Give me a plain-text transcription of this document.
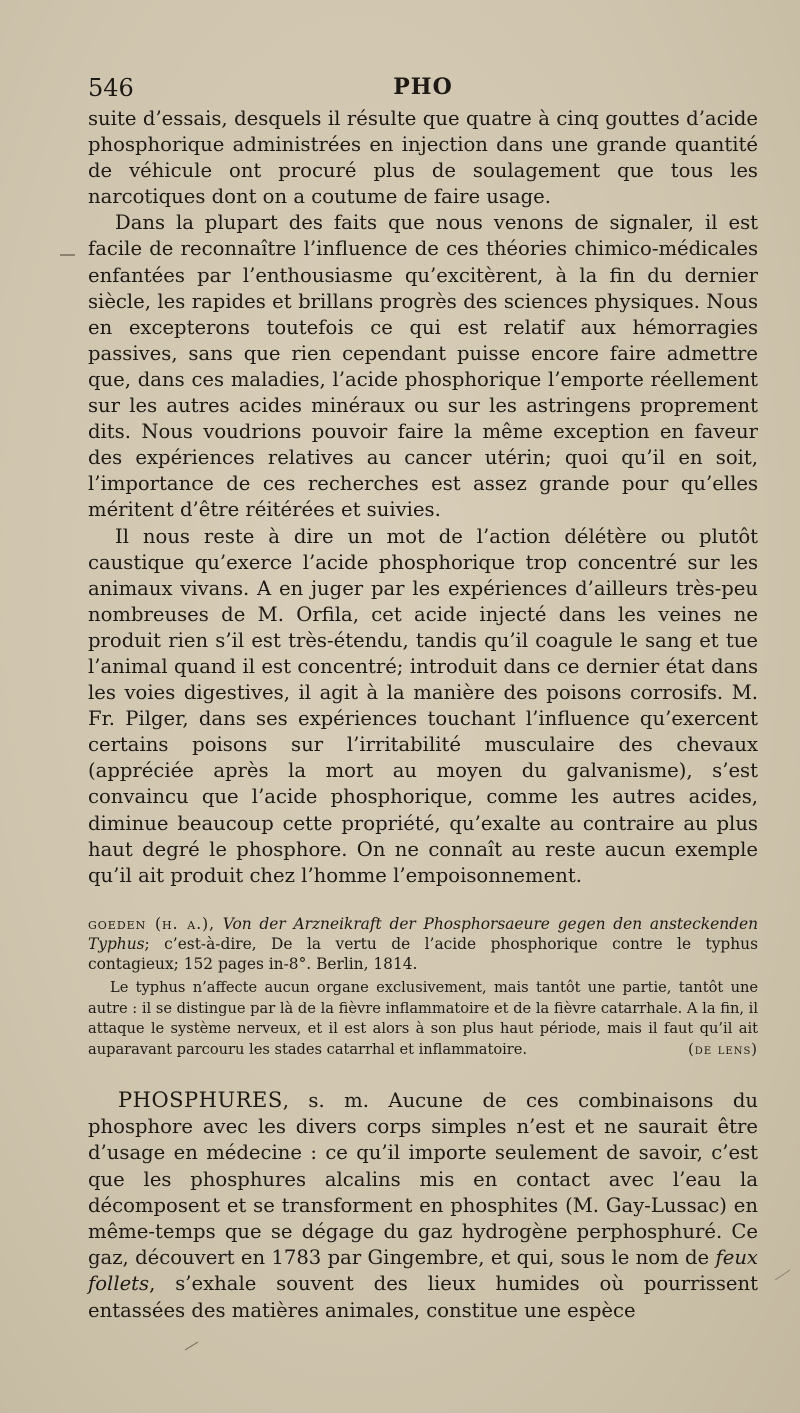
546	PHO

suite d’essais, desquels il résulte que quatre à cinq gouttes d’acide phosphorique administrées en injection dans une grande quantité de véhicule ont procuré plus de soulagement que tous les narcotiques dont on a coutume de faire usage.

Dans la plupart des faits que nous venons de signaler, il est facile de reconnaître l’influence de ces théories chimico-médicales enfantées par l’enthousiasme qu’excitèrent, à la fin du dernier siècle, les rapides et brillans progrès des sciences physiques. Nous en excepterons toutefois ce qui est relatif aux hémorragies passives, sans que rien cependant puisse encore faire admettre que, dans ces maladies, l’acide phosphorique l’emporte réellement sur les autres acides minéraux ou sur les astringens proprement dits. Nous voudrions pouvoir faire la même exception en faveur des expériences relatives au cancer utérin; quoi qu’il en soit, l’importance de ces recherches est assez grande pour qu’elles méritent d’être réitérées et suivies.

Il nous reste à dire un mot de l’action délétère ou plutôt caustique qu’exerce l’acide phosphorique trop concentré sur les animaux vivans. A en juger par les expériences d’ailleurs très-peu nombreuses de M. Orfila, cet acide injecté dans les veines ne produit rien s’il est très-étendu, tandis qu’il coagule le sang et tue l’animal quand il est concentré; introduit dans ce dernier état dans les voies digestives, il agit à la manière des poisons corrosifs. M. Fr. Pilger, dans ses expériences touchant l’influence qu’exercent certains poisons sur l’irritabilité musculaire des chevaux (appréciée après la mort au moyen du galvanisme), s’est convaincu que l’acide phosphorique, comme les autres acides, diminue beaucoup cette propriété, qu’exalte au contraire au plus haut degré le phosphore. On ne connaît au reste aucun exemple qu’il ait produit chez l’homme l’empoisonnement.

goeden (h. a.), Von der Arzneikraft der Phosphorsaeure gegen den ansteckenden Typhus; c’est-à-dire, De la vertu de l’acide phosphorique contre le typhus contagieux; 152 pages in-8°. Berlin, 1814.

Le typhus n’affecte aucun organe exclusivement, mais tantôt une partie, tantôt une autre : il se distingue par là de la fièvre inflammatoire et de la fièvre catarrhale. A la fin, il attaque le système nerveux, et il est alors à son plus haut période, mais il faut qu’il ait auparavant parcouru les stades catarrhal et inflammatoire.	(de lens)

PHOSPHURES, s. m. Aucune de ces combinaisons du phosphore avec les divers corps simples n’est et ne saurait être d’usage en médecine : ce qu’il importe seulement de savoir, c’est que les phosphures alcalins mis en contact avec l’eau la décomposent et se transforment en phosphites (M. Gay-Lussac) en même-temps que se dégage du gaz hydrogène perphosphuré. Ce gaz, découvert en 1783 par Gingembre, et qui, sous le nom de feux follets, s’exhale souvent des lieux humides où pourrissent entassées des matières animales, constitue une espèce
